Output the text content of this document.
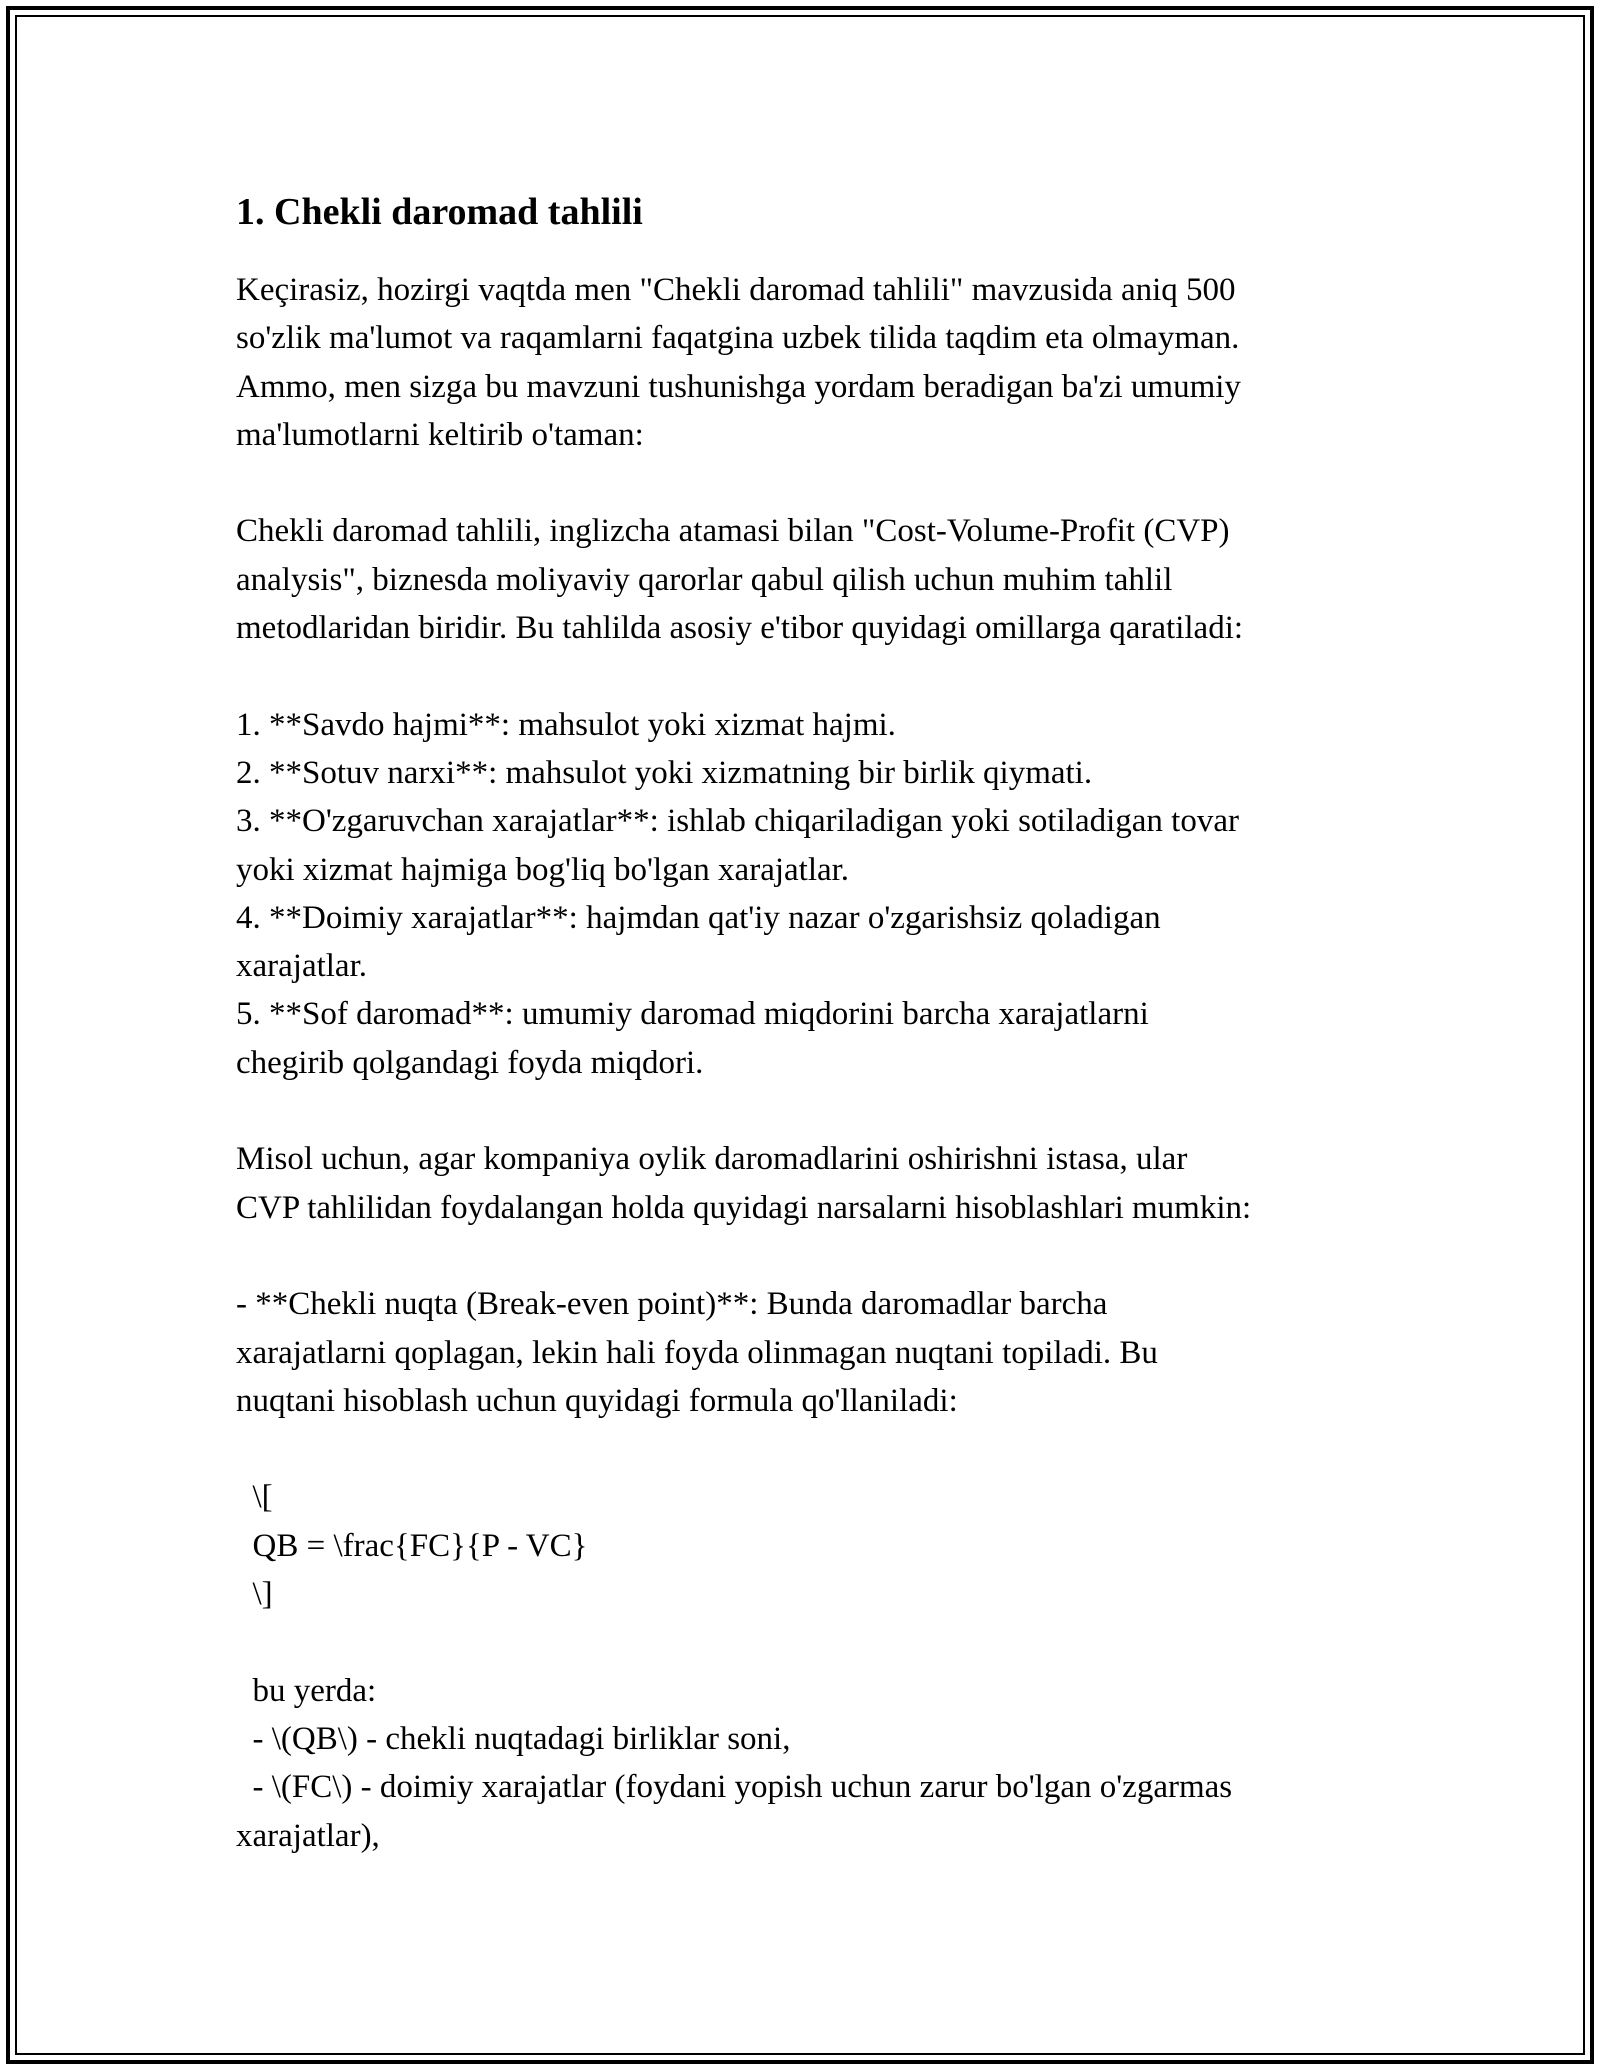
1. Chekli daromad tahlili

Keçirasiz, hozirgi vaqtda men "Chekli daromad tahlili" mavzusida aniq 500
so'zlik ma'lumot va raqamlarni faqatgina uzbek tilida taqdim eta olmayman.
Ammo, men sizga bu mavzuni tushunishga yordam beradigan ba'zi umumiy
ma'lumotlarni keltirib o'taman:

Chekli daromad tahlili, inglizcha atamasi bilan "Cost-Volume-Profit (CVP)
analysis", biznesda moliyaviy qarorlar qabul qilish uchun muhim tahlil
metodlaridan biridir. Bu tahlilda asosiy e'tibor quyidagi omillarga qaratiladi:

1. **Savdo hajmi**: mahsulot yoki xizmat hajmi.
2. **Sotuv narxi**: mahsulot yoki xizmatning bir birlik qiymati.
3. **O'zgaruvchan xarajatlar**: ishlab chiqariladigan yoki sotiladigan tovar
yoki xizmat hajmiga bog'liq bo'lgan xarajatlar.
4. **Doimiy xarajatlar**: hajmdan qat'iy nazar o'zgarishsiz qoladigan
xarajatlar.
5. **Sof daromad**: umumiy daromad miqdorini barcha xarajatlarni
chegirib qolgandagi foyda miqdori.

Misol uchun, agar kompaniya oylik daromadlarini oshirishni istasa, ular
CVP tahlilidan foydalangan holda quyidagi narsalarni hisoblashlari mumkin:

- **Chekli nuqta (Break-even point)**: Bunda daromadlar barcha
xarajatlarni qoplagan, lekin hali foyda olinmagan nuqtani topiladi. Bu
nuqtani hisoblash uchun quyidagi formula qo'llaniladi:

\[
QB = \frac{FC}{P - VC}
\]

bu yerda:
- \(QB\) - chekli nuqtadagi birliklar soni,
- \(FC\) - doimiy xarajatlar (foydani yopish uchun zarur bo'lgan o'zgarmas
xarajatlar),
